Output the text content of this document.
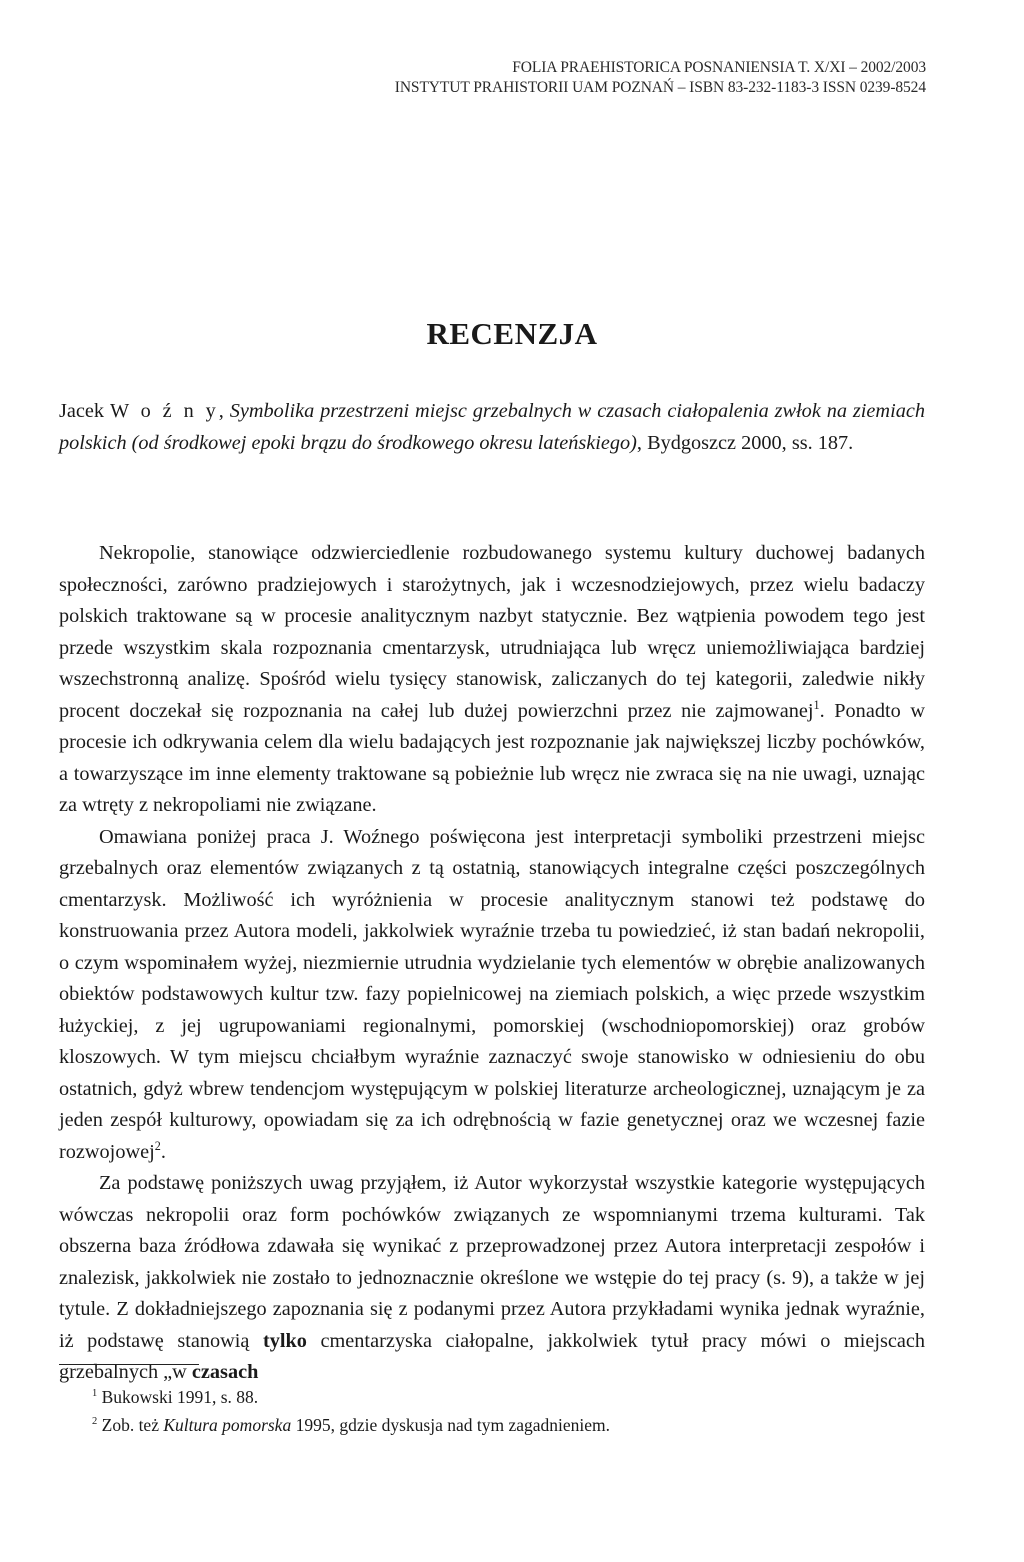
FOLIA PRAEHISTORICA POSNANIENSIA T. X/XI – 2002/2003
INSTYTUT PRAHISTORII UAM POZNAŃ – ISBN 83-232-1183-3 ISSN 0239-8524
RECENZJA
Jacek W o ź n y, Symbolika przestrzeni miejsc grzebalnych w czasach ciałopalenia zwłok na ziemiach polskich (od środkowej epoki brązu do środkowego okresu lateńskiego), Bydgoszcz 2000, ss. 187.

Nekropolie, stanowiące odzwierciedlenie rozbudowanego systemu kultury duchowej badanych społeczności, zarówno pradziejowych i starożytnych, jak i wczesnodziejowych, przez wielu badaczy polskich traktowane są w procesie analitycznym nazbyt statycznie. Bez wątpienia powodem tego jest przede wszystkim skala rozpoznania cmentarzysk, utrudniająca lub wręcz uniemożliwiająca bardziej wszechstronną analizę. Spośród wielu tysięcy stanowisk, zaliczanych do tej kategorii, zaledwie nikły procent doczekał się rozpoznania na całej lub dużej powierzchni przez nie zajmowanej$^1$. Ponadto w procesie ich odkrywania celem dla wielu badających jest rozpoznanie jak największej liczby pochówków, a towarzyszące im inne elementy traktowane są pobieżnie lub wręcz nie zwraca się na nie uwagi, uznając za wtręty z nekropoliami nie związane.

Omawiana poniżej praca J. Woźnego poświęcona jest interpretacji symboliki przestrzeni miejsc grzebalnych oraz elementów związanych z tą ostatnią, stanowiących integralne części poszczególnych cmentarzysk. Możliwość ich wyróżnienia w procesie analitycznym stanowi też podstawę do konstruowania przez Autora modeli, jakkolwiek wyraźnie trzeba tu powiedzieć, iż stan badań nekropolii, o czym wspominałem wyżej, niezmiernie utrudnia wydzielanie tych elementów w obrębie analizowanych obiektów podstawowych kultur tzw. fazy popielnicowej na ziemiach polskich, a więc przede wszystkim łużyckiej, z jej ugrupowaniami regionalnymi, pomorskiej (wschodniopomorskiej) oraz grobów kloszowych. W tym miejscu chciałbym wyraźnie zaznaczyć swoje stanowisko w odniesieniu do obu ostatnich, gdyż wbrew tendencjom występującym w polskiej literaturze archeologicznej, uznającym je za jeden zespół kulturowy, opowiadam się za ich odrębnością w fazie genetycznej oraz we wczesnej fazie rozwojowej$^2$.

Za podstawę poniższych uwag przyjąłem, iż Autor wykorzystał wszystkie kategorie występujących wówczas nekropolii oraz form pochówków związanych ze wspomnianymi trzema kulturami. Tak obszerna baza źródłowa zdawała się wynikać z przeprowadzonej przez Autora interpretacji zespołów i znalezisk, jakkolwiek nie zostało to jednoznacznie określone we wstępie do tej pracy (s. 9), a także w jej tytule. Z dokładniejszego zapoznania się z podanymi przez Autora przykładami wynika jednak wyraźnie, iż podstawę stanowią tylko cmentarzyska ciałopalne, jakkolwiek tytuł pracy mówi o miejscach grzebalnych „w czasach

$^1$ Bukowski 1991, s. 88.
$^2$ Zob. też Kultura pomorska 1995, gdzie dyskusja nad tym zagadnieniem.
